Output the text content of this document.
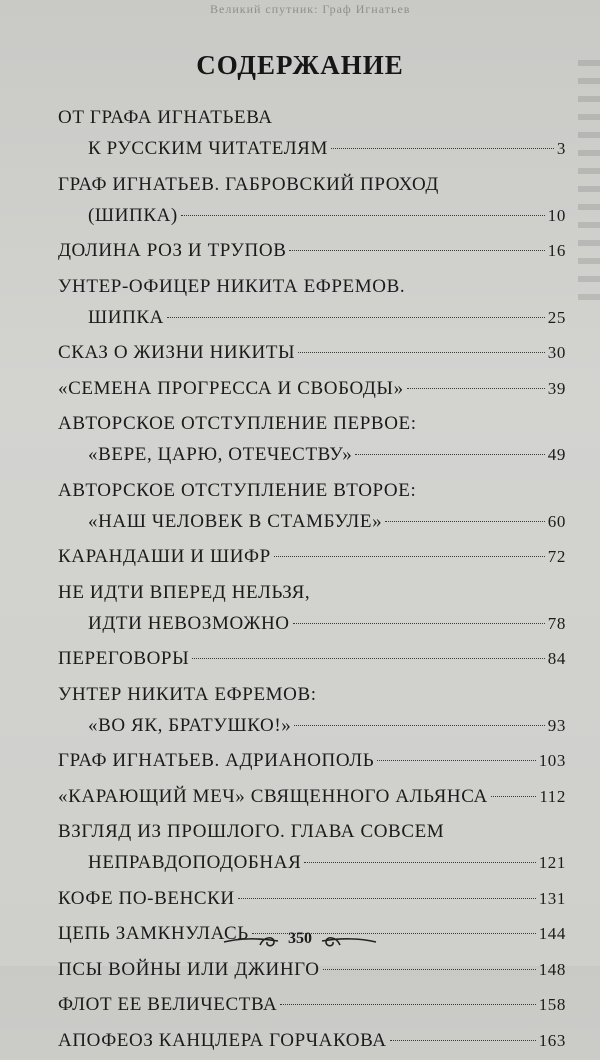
Великий спутник: Граф Игнатьев
СОДЕРЖАНИЕ
ОТ ГРАФА ИГНАТЬЕВА
К РУССКИМ ЧИТАТЕЛЯМ	3
ГРАФ ИГНАТЬЕВ. ГАБРОВСКИЙ ПРОХОД
(ШИПКА)	10
ДОЛИНА РОЗ И ТРУПОВ	16
УНТЕР-ОФИЦЕР НИКИТА ЕФРЕМОВ.
ШИПКА	25
СКАЗ О ЖИЗНИ НИКИТЫ	30
«СЕМЕНА ПРОГРЕССА И СВОБОДЫ»	39
АВТОРСКОЕ ОТСТУПЛЕНИЕ ПЕРВОЕ:
«ВЕРЕ, ЦАРЮ, ОТЕЧЕСТВУ»	49
АВТОРСКОЕ ОТСТУПЛЕНИЕ ВТОРОЕ:
«НАШ ЧЕЛОВЕК В СТАМБУЛЕ»	60
КАРАНДАШИ И ШИФР	72
НЕ ИДТИ ВПЕРЕД НЕЛЬЗЯ,
ИДТИ НЕВОЗМОЖНО	78
ПЕРЕГОВОРЫ	84
УНТЕР НИКИТА ЕФРЕМОВ:
«ВО ЯК, БРАТУШКО!»	93
ГРАФ ИГНАТЬЕВ. АДРИАНОПОЛЬ	103
«КАРАЮЩИЙ МЕЧ» СВЯЩЕННОГО АЛЬЯНСА	112
ВЗГЛЯД ИЗ ПРОШЛОГО. ГЛАВА СОВСЕМ
НЕПРАВДОПОДОБНАЯ	121
КОФЕ ПО-ВЕНСКИ	131
ЦЕПЬ ЗАМКНУЛАСЬ	144
ПСЫ ВОЙНЫ ИЛИ ДЖИНГО	148
ФЛОТ ЕЕ ВЕЛИЧЕСТВА	158
АПОФЕОЗ КАНЦЛЕРА ГОРЧАКОВА	163
350
